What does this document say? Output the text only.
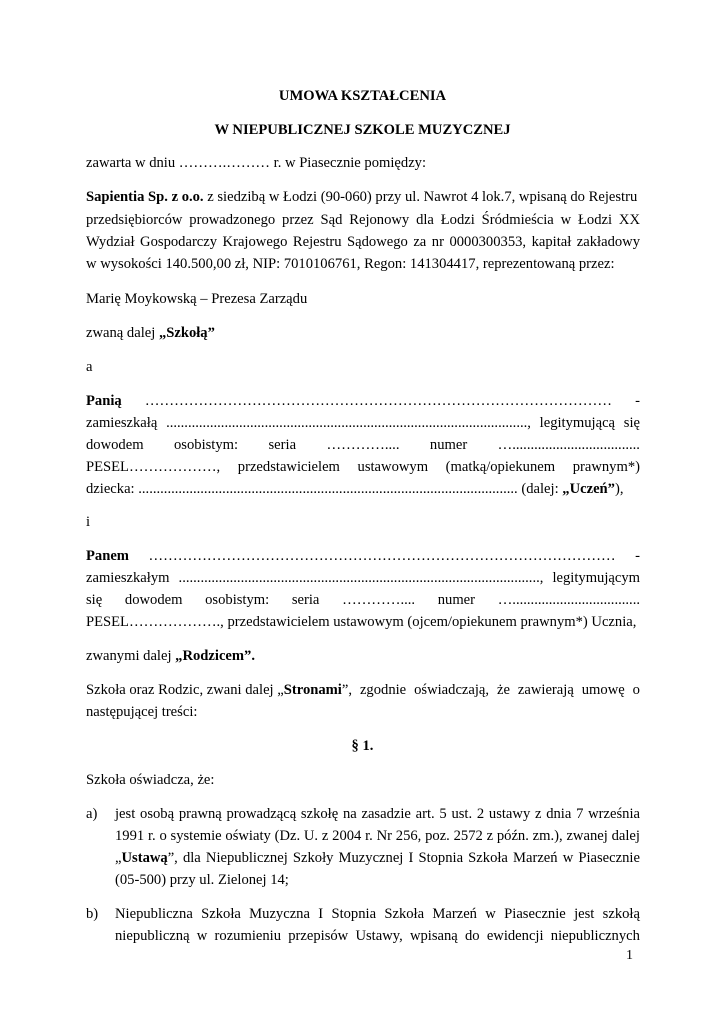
UMOWA KSZTAŁCENIA
W NIEPUBLICZNEJ SZKOLE MUZYCZNEJ
zawarta w dniu ……….……… r. w Piasecznie pomiędzy:
Sapientia Sp. z o.o. z siedzibą w Łodzi (90-060) przy ul. Nawrot 4 lok.7, wpisaną do Rejestru
przedsiębiorców prowadzonego przez Sąd Rejonowy dla Łodzi Śródmieścia w Łodzi XX
Wydział Gospodarczy Krajowego Rejestru Sądowego za nr 0000300353, kapitał zakładowy
w wysokości 140.500,00 zł, NIP: 7010106761, Regon: 141304417, reprezentowaną przez:
Marię Moykowską – Prezesa Zarządu
zwaną dalej „Szkołą”
a
Panią …………………………………………………………………………………… -
zamieszkałą ..................................................................................................., legitymującą się
dowodem osobistym: seria ………….... numer …...................................
PESEL………………, przedstawicielem ustawowym (matką/opiekunem prawnym*)
dziecka: ........................................................................................................ (dalej: „Uczeń”),
i
Panem …………………………………………………………………………………… -
zamieszkałym ..................................................................................................., legitymującym
się dowodem osobistym: seria ………….... numer …...................................
PESEL………………., przedstawicielem ustawowym (ojcem/opiekunem prawnym*) Ucznia,
zwanymi dalej „Rodzicem”.
Szkoła oraz Rodzic, zwani dalej „Stronami”, zgodnie oświadczają, że zawierają umowę o
następującej treści:
§ 1.
Szkoła oświadcza, że:
a) jest osobą prawną prowadzącą szkołę na zasadzie art. 5 ust. 2 ustawy z dnia 7 września
1991 r. o systemie oświaty (Dz. U. z 2004 r. Nr 256, poz. 2572 z późn. zm.), zwanej dalej
„Ustawą”, dla Niepublicznej Szkoły Muzycznej I Stopnia Szkoła Marzeń w Piasecznie
(05-500) przy ul. Zielonej 14;
b) Niepubliczna Szkoła Muzyczna I Stopnia Szkoła Marzeń w Piasecznie jest szkołą
niepubliczną w rozumieniu przepisów Ustawy, wpisaną do ewidencji niepublicznych
1
